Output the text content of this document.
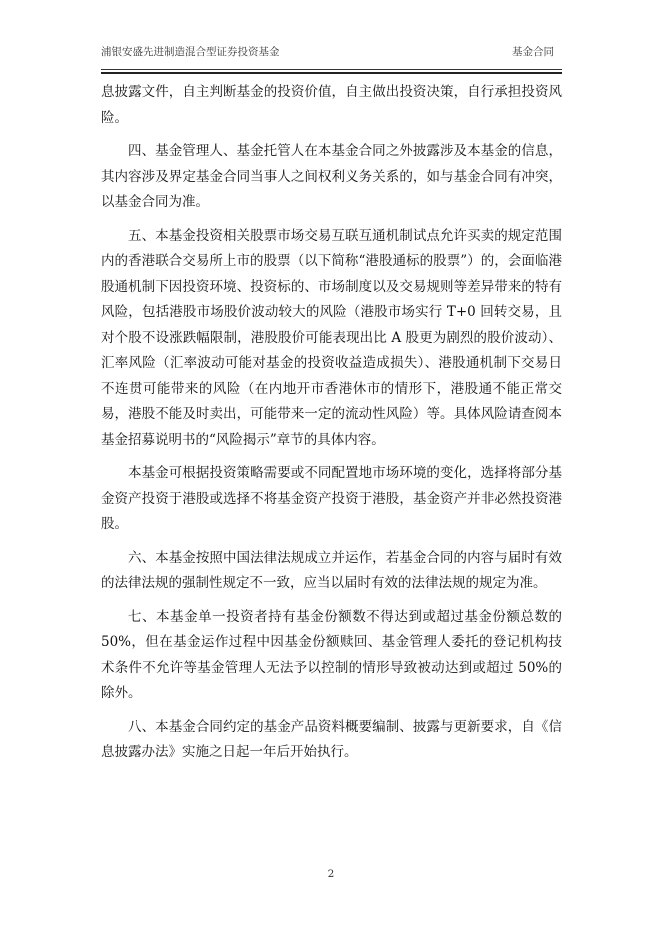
浦银安盛先进制造混合型证券投资基金	基金合同

息披露文件，自主判断基金的投资价值，自主做出投资决策，自行承担投资风险。

四、基金管理人、基金托管人在本基金合同之外披露涉及本基金的信息，其内容涉及界定基金合同当事人之间权利义务关系的，如与基金合同有冲突，以基金合同为准。

五、本基金投资相关股票市场交易互联互通机制试点允许买卖的规定范围内的香港联合交易所上市的股票（以下简称“港股通标的股票”）的，会面临港股通机制下因投资环境、投资标的、市场制度以及交易规则等差异带来的特有风险，包括港股市场股价波动较大的风险（港股市场实行 T+0 回转交易，且对个股不设涨跌幅限制，港股股价可能表现出比 A 股更为剧烈的股价波动）、汇率风险（汇率波动可能对基金的投资收益造成损失）、港股通机制下交易日不连贯可能带来的风险（在内地开市香港休市的情形下，港股通不能正常交易，港股不能及时卖出，可能带来一定的流动性风险）等。具体风险请查阅本基金招募说明书的“风险揭示”章节的具体内容。

本基金可根据投资策略需要或不同配置地市场环境的变化，选择将部分基金资产投资于港股或选择不将基金资产投资于港股，基金资产并非必然投资港股。

六、本基金按照中国法律法规成立并运作，若基金合同的内容与届时有效的法律法规的强制性规定不一致，应当以届时有效的法律法规的规定为准。

七、本基金单一投资者持有基金份额数不得达到或超过基金份额总数的50%，但在基金运作过程中因基金份额赎回、基金管理人委托的登记机构技术条件不允许等基金管理人无法予以控制的情形导致被动达到或超过 50%的除外。

八、本基金合同约定的基金产品资料概要编制、披露与更新要求，自《信息披露办法》实施之日起一年后开始执行。

2
